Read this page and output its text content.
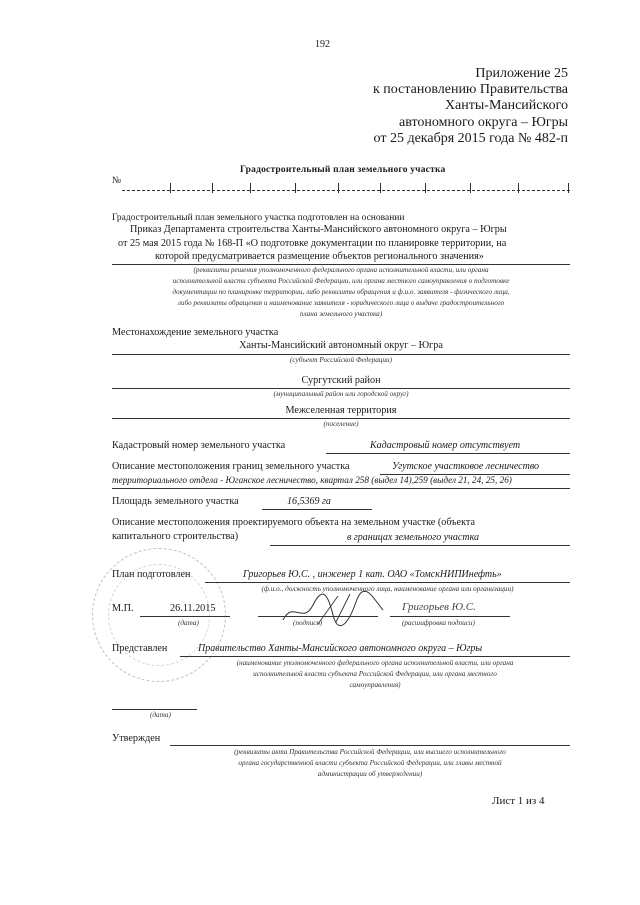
192
Приложение 25
к постановлению Правительства
Ханты-Мансийского
автономного округа – Югры
от 25 декабря 2015 года № 482-п
Градостроительный план земельного участка
№
Градостроительный план земельного участка подготовлен на основании
Приказ Департамента строительства Ханты-Мансийского автономного округа – Югры
от 25 мая 2015 года № 168-П «О подготовке документации по планировке территории, на
которой предусматривается размещение объектов регионального значения»
(реквизиты решения уполномоченного федерального органа исполнительной власти, или органа
исполнительной власти субъекта Российской Федерации, или органа местного самоуправления о подготовке
документации по планировке территории, либо реквизиты обращения и ф.и.о. заявителя - физического лица,
либо реквизиты обращения и наименование заявителя - юридического лица о выдаче градостроительного
плана земельного участка)
Местонахождение земельного участка
Ханты-Мансийский автономный округ – Югра
(субъект Российской Федерации)
Сургутский район
(муниципальный район или городской округ)
Межселенная территория
(поселение)
Кадастровый номер земельного участка	Кадастровый номер отсутствует
Описание местоположения границ земельного участка	Угутское участковое лесничество
территориального отдела - Юганское лесничество, квартал 258 (выдел 14),259 (выдел 21, 24, 25, 26)
Площадь земельного участка	16,5369 га
Описание местоположения проектируемого объекта на земельном участке (объекта
капитального строительства)	в границах земельного участка
План подготовлен	Григорьев Ю.С. , инженер 1 кат. ОАО «ТомскНИПИнефть»
(ф.и.о., должность уполномоченного лица, наименование органа или организации)
М.П.	26.11.2015
(дата)	(подпись)
Григорьев Ю.С.
(расшифровка подписи)
Представлен	Правительство Ханты-Мансийского автономного округа – Югры
(наименование уполномоченного федерального органа исполнительной власти, или органа
исполнительной власти субъекта Российской Федерации, или органа местного
самоуправления)
(дата)
Утвержден
(реквизиты акта Правительства Российской Федерации, или высшего исполнительного
органа государственной власти субъекта Российской Федерации, или главы местной
администрации об утверждении)
Лист 1 из 4
